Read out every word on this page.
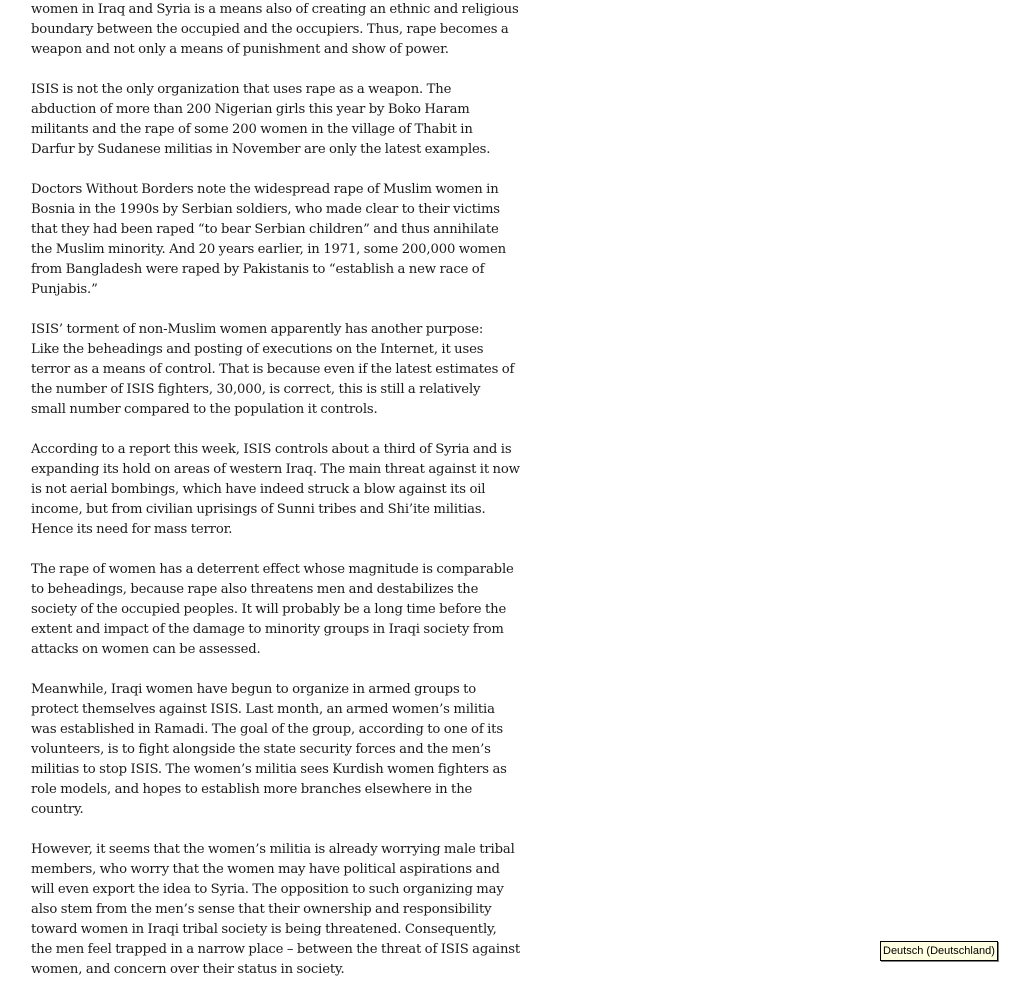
women in Iraq and Syria is a means also of creating an ethnic and religious
boundary between the occupied and the occupiers. Thus, rape becomes a
weapon and not only a means of punishment and show of power.

ISIS is not the only organization that uses rape as a weapon. The
abduction of more than 200 Nigerian girls this year by Boko Haram
militants and the rape of some 200 women in the village of Thabit in
Darfur by Sudanese militias in November are only the latest examples.

Doctors Without Borders note the widespread rape of Muslim women in
Bosnia in the 1990s by Serbian soldiers, who made clear to their victims
that they had been raped “to bear Serbian children” and thus annihilate
the Muslim minority. And 20 years earlier, in 1971, some 200,000 women
from Bangladesh were raped by Pakistanis to “establish a new race of
Punjabis.”

ISIS’ torment of non-Muslim women apparently has another purpose:
Like the beheadings and posting of executions on the Internet, it uses
terror as a means of control. That is because even if the latest estimates of
the number of ISIS fighters, 30,000, is correct, this is still a relatively
small number compared to the population it controls.

According to a report this week, ISIS controls about a third of Syria and is
expanding its hold on areas of western Iraq. The main threat against it now
is not aerial bombings, which have indeed struck a blow against its oil
income, but from civilian uprisings of Sunni tribes and Shi’ite militias.
Hence its need for mass terror.

The rape of women has a deterrent effect whose magnitude is comparable
to beheadings, because rape also threatens men and destabilizes the
society of the occupied peoples. It will probably be a long time before the
extent and impact of the damage to minority groups in Iraqi society from
attacks on women can be assessed.

Meanwhile, Iraqi women have begun to organize in armed groups to
protect themselves against ISIS. Last month, an armed women’s militia
was established in Ramadi. The goal of the group, according to one of its
volunteers, is to fight alongside the state security forces and the men’s
militias to stop ISIS. The women’s militia sees Kurdish women fighters as
role models, and hopes to establish more branches elsewhere in the
country.

However, it seems that the women’s militia is already worrying male tribal
members, who worry that the women may have political aspirations and
will even export the idea to Syria. The opposition to such organizing may
also stem from the men’s sense that their ownership and responsibility
toward women in Iraqi tribal society is being threatened. Consequently,
the men feel trapped in a narrow place – between the threat of ISIS against
women, and concern over their status in society.

Deutsch (Deutschland)
